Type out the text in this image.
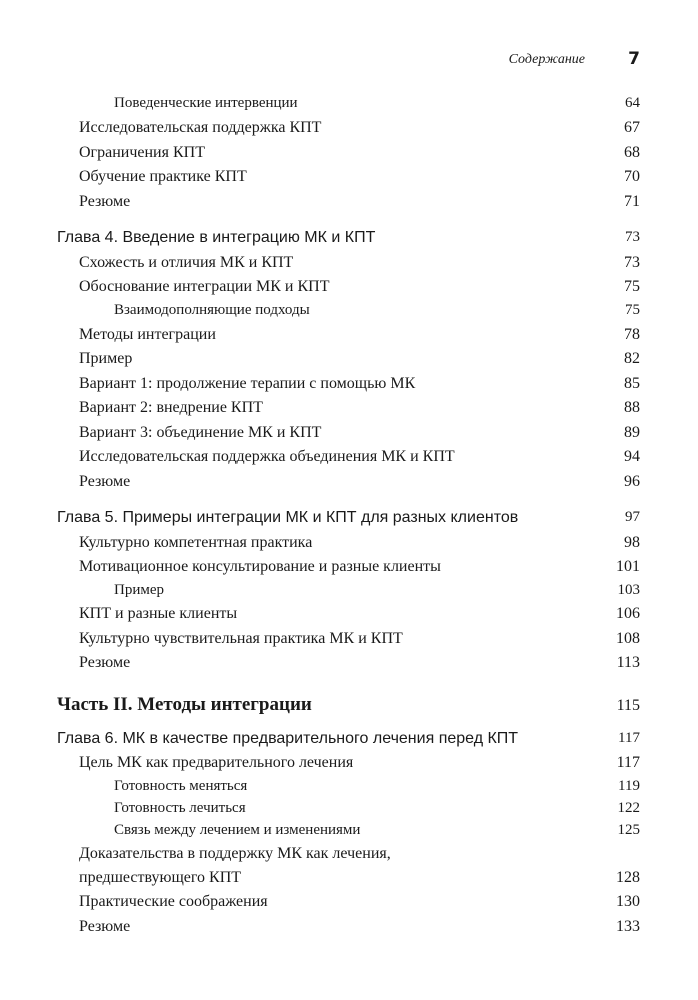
Содержание	7
Поведенческие интервенции	64
Исследовательская поддержка КПТ	67
Ограничения КПТ	68
Обучение практике КПТ	70
Резюме	71
Глава 4. Введение в интеграцию МК и КПТ	73
Схожесть и отличия МК и КПТ	73
Обоснование интеграции МК и КПТ	75
Взаимодополняющие подходы	75
Методы интеграции	78
Пример	82
Вариант 1: продолжение терапии с помощью МК	85
Вариант 2: внедрение КПТ	88
Вариант 3: объединение МК и КПТ	89
Исследовательская поддержка объединения МК и КПТ	94
Резюме	96
Глава 5. Примеры интеграции МК и КПТ для разных клиентов	97
Культурно компетентная практика	98
Мотивационное консультирование и разные клиенты	101
Пример	103
КПТ и разные клиенты	106
Культурно чувствительная практика МК и КПТ	108
Резюме	113
Часть II. Методы интеграции	115
Глава 6. МК в качестве предварительного лечения перед КПТ	117
Цель МК как предварительного лечения	117
Готовность меняться	119
Готовность лечиться	122
Связь между лечением и изменениями	125
Доказательства в поддержку МК как лечения,
предшествующего КПТ	128
Практические соображения	130
Резюме	133
